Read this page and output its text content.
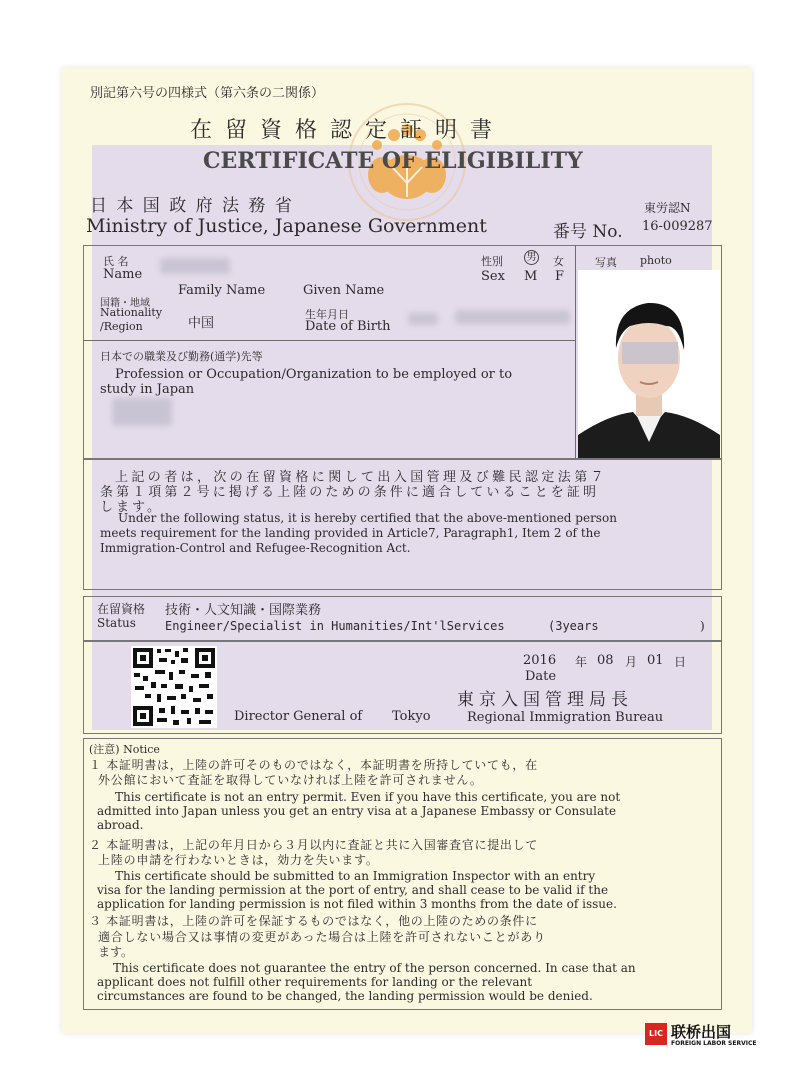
別記第六号の四様式（第六条の二関係）
在 留 資 格 認 定 証 明 書
CERTIFICATE OF ELIGIBILITY
日 本 国 政 府 法 務 省
Ministry of Justice, Japanese Government
東労認N
番号 No. 16-009287
氏 名
Name
Family Name	Given Name
性別 男 女
Sex M F
写真 photo
国籍・地域
Nationality
/Region	中国
生年月日
Date of Birth
日本での職業及び勤務(通学)先等
Profession or Occupation/Organization to be employed or to
study in Japan
上記の者は，次の在留資格に関して出入国管理及び難民認定法第７
条第１項第２号に掲げる上陸のための条件に適合していることを証明
します。
Under the following status, it is hereby certified that the above-mentioned person
meets requirement for the landing provided in Article7, Paragraph1, Item 2 of the
Immigration-Control and Refugee-Recognition Act.
在留資格
Status
技術・人文知識・国際業務
Engineer/Specialist in Humanities/Int'lServices	(3years	)
2016 年 08 月 01 日
Date
東京入国管理局長
Director General of Tokyo	Regional Immigration Bureau
(注意) Notice
１ 本証明書は，上陸の許可そのものではなく，本証明書を所持していても，在
外公館において査証を取得していなければ上陸を許可されません。
This certificate is not an entry permit. Even if you have this certificate, you are not
admitted into Japan unless you get an entry visa at a Japanese Embassy or Consulate
abroad.
２ 本証明書は，上記の年月日から３月以内に査証と共に入国審査官に提出して
上陸の申請を行わないときは，効力を失います。
This certificate should be submitted to an Immigration Inspector with an entry
visa for the landing permission at the port of entry, and shall cease to be valid if the
application for landing permission is not filed within 3 months from the date of issue.
３ 本証明書は，上陸の許可を保証するものではなく，他の上陸のための条件に
適合しない場合又は事情の変更があった場合は上陸を許可されないことがあり
ます。
This certificate does not guarantee the entry of the person concerned. In case that an
applicant does not fulfill other requirements for landing or the relevant
circumstances are found to be changed, the landing permission would be denied.
LIC 联桥出国
FOREIGN LABOR SERVICE
